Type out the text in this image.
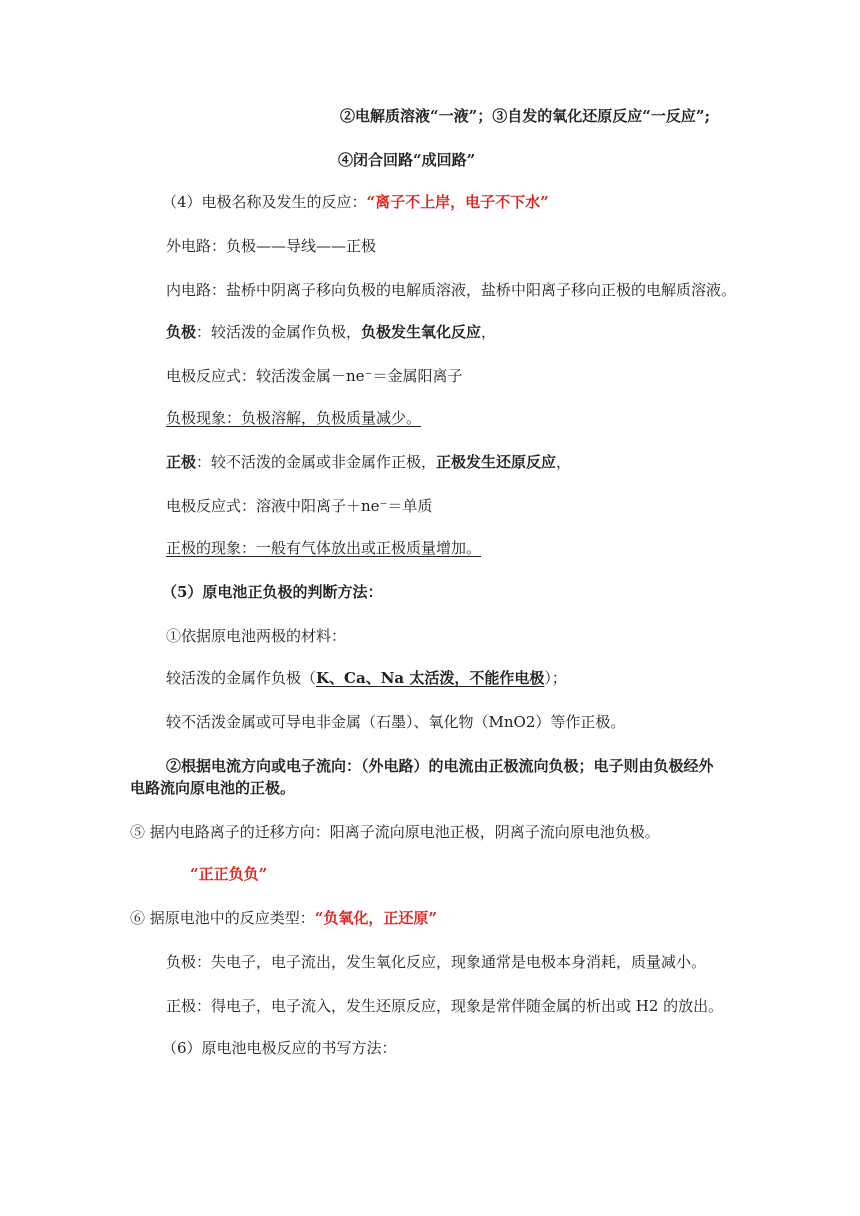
②电解质溶液“一液”；③自发的氧化还原反应“一反应”;
④闭合回路“成回路”
（4）电极名称及发生的反应：“离子不上岸，电子不下水”
外电路：负极——导线——正极
内电路：盐桥中阴离子移向负极的电解质溶液，盐桥中阳离子移向正极的电解质溶液。
负极：较活泼的金属作负极，负极发生氧化反应，
电极反应式：较活泼金属－ne⁻＝金属阳离子
负极现象：负极溶解，负极质量减少。
正极：较不活泼的金属或非金属作正极，正极发生还原反应，
电极反应式：溶液中阳离子＋ne⁻＝单质
正极的现象：一般有气体放出或正极质量增加。
（5）原电池正负极的判断方法：
①依据原电池两极的材料：
较活泼的金属作负极（K、Ca、Na 太活泼，不能作电极）；
较不活泼金属或可导电非金属（石墨）、氧化物（MnO2）等作正极。
②根据电流方向或电子流向：（外电路）的电流由正极流向负极；电子则由负极经外
电路流向原电池的正极。
⑤ 据内电路离子的迁移方向：阳离子流向原电池正极，阴离子流向原电池负极。
“正正负负”
⑥ 据原电池中的反应类型：“负氧化，正还原”
负极：失电子，电子流出，发生氧化反应，现象通常是电极本身消耗，质量减小。
正极：得电子，电子流入，发生还原反应，现象是常伴随金属的析出或 H2 的放出。
（6）原电池电极反应的书写方法：
